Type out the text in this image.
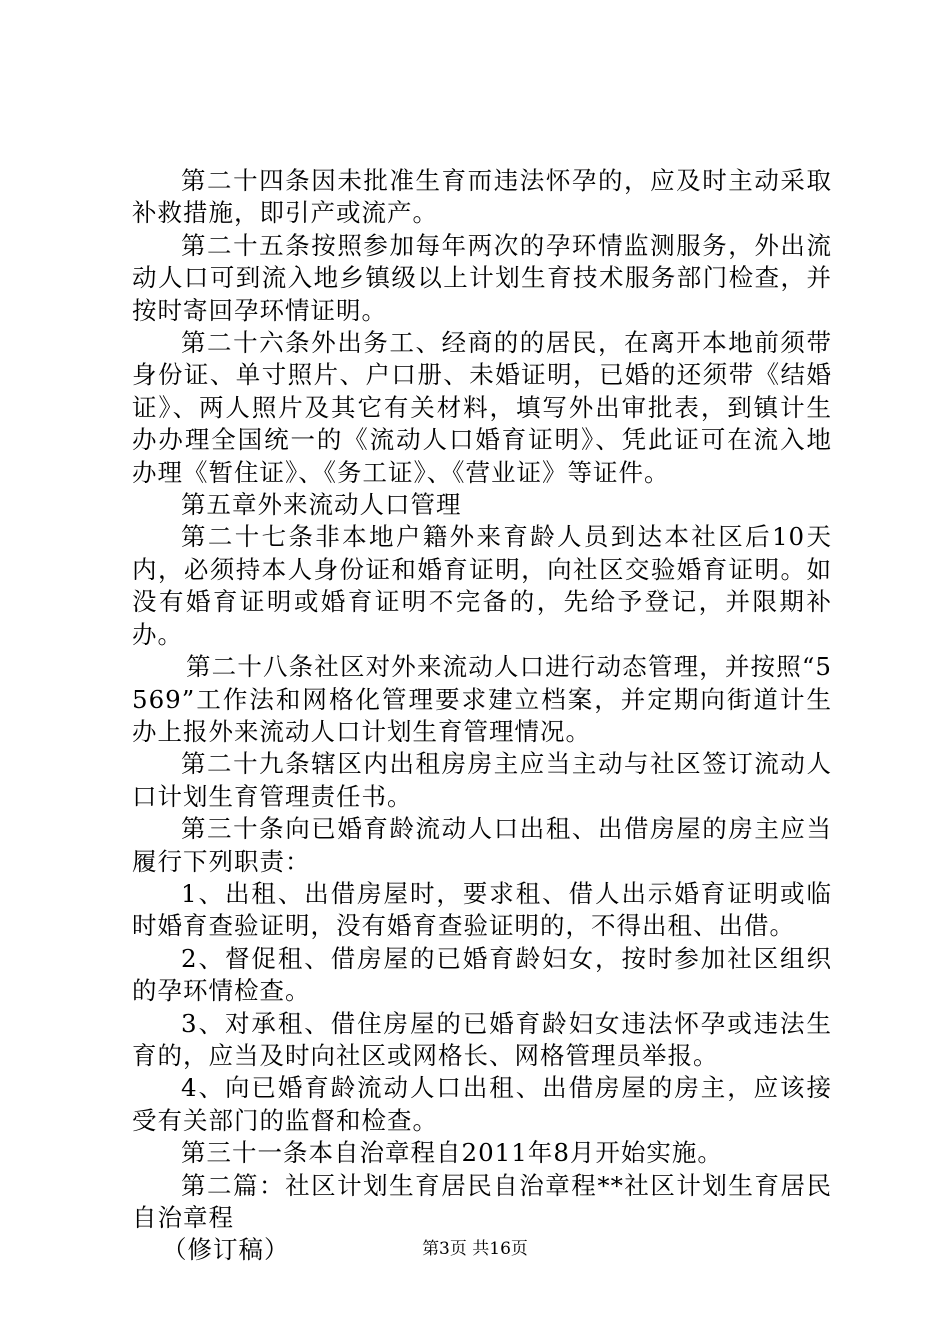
第二十四条因未批准生育而违法怀孕的，应及时主动采取补救措施，即引产或流产。

第二十五条按照参加每年两次的孕环情监测服务，外出流动人口可到流入地乡镇级以上计划生育技术服务部门检查，并按时寄回孕环情证明。

第二十六条外出务工、经商的的居民，在离开本地前须带身份证、单寸照片、户口册、未婚证明，已婚的还须带《结婚证》、两人照片及其它有关材料，填写外出审批表，到镇计生办办理全国统一的《流动人口婚育证明》、凭此证可在流入地办理《暂住证》、《务工证》、《营业证》等证件。

第五章外来流动人口管理

第二十七条非本地户籍外来育龄人员到达本社区后10天内，必须持本人身份证和婚育证明，向社区交验婚育证明。如没有婚育证明或婚育证明不完备的，先给予登记，并限期补办。

第二十八条社区对外来流动人口进行动态管理，并按照“5569”工作法和网格化管理要求建立档案，并定期向街道计生办上报外来流动人口计划生育管理情况。

第二十九条辖区内出租房房主应当主动与社区签订流动人口计划生育管理责任书。

第三十条向已婚育龄流动人口出租、出借房屋的房主应当履行下列职责：

1、出租、出借房屋时，要求租、借人出示婚育证明或临时婚育查验证明，没有婚育查验证明的，不得出租、出借。

2、督促租、借房屋的已婚育龄妇女，按时参加社区组织的孕环情检查。

3、对承租、借住房屋的已婚育龄妇女违法怀孕或违法生育的，应当及时向社区或网格长、网格管理员举报。

4、向已婚育龄流动人口出租、出借房屋的房主，应该接受有关部门的监督和检查。

第三十一条本自治章程自2011年8月开始实施。

第二篇：社区计划生育居民自治章程**社区计划生育居民自治章程

（修订稿）	第3页 共16页
